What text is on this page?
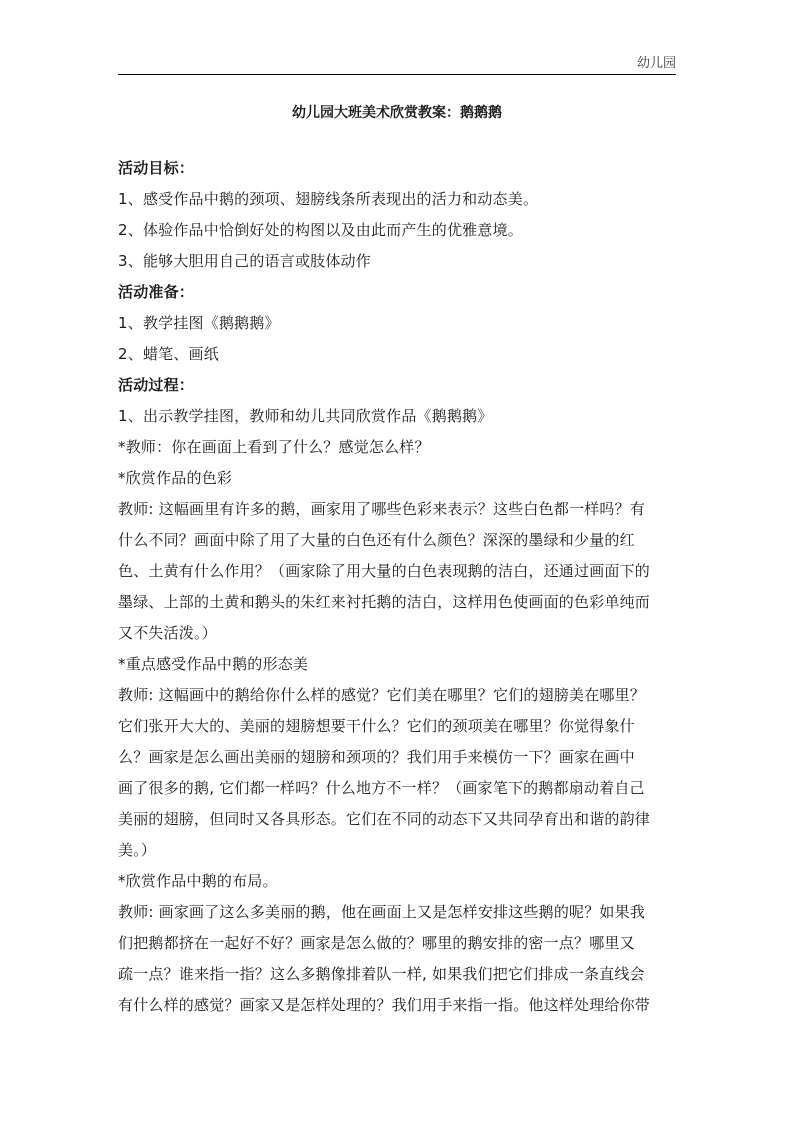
幼儿园
幼儿园大班美术欣赏教案：鹅鹅鹅
活动目标：
1、感受作品中鹅的颈项、翅膀线条所表现出的活力和动态美。
2、体验作品中恰倒好处的构图以及由此而产生的优雅意境。
3、能够大胆用自己的语言或肢体动作
活动准备：
1、教学挂图《鹅鹅鹅》
2、蜡笔、画纸
活动过程：
1、出示教学挂图，教师和幼儿共同欣赏作品《鹅鹅鹅》
*教师：你在画面上看到了什么？感觉怎么样？
*欣赏作品的色彩
教师: 这幅画里有许多的鹅，画家用了哪些色彩来表示？这些白色都一样吗？有
什么不同？画面中除了用了大量的白色还有什么颜色？深深的墨绿和少量的红
色、土黄有什么作用？（画家除了用大量的白色表现鹅的洁白，还通过画面下的
墨绿、上部的土黄和鹅头的朱红来衬托鹅的洁白，这样用色使画面的色彩单纯而
又不失活泼。）
*重点感受作品中鹅的形态美
教师: 这幅画中的鹅给你什么样的感觉？它们美在哪里？它们的翅膀美在哪里？
它们张开大大的、美丽的翅膀想要干什么？它们的颈项美在哪里？你觉得象什
么？画家是怎么画出美丽的翅膀和颈项的？我们用手来模仿一下？画家在画中
画了很多的鹅, 它们都一样吗？什么地方不一样？（画家笔下的鹅都扇动着自己
美丽的翅膀，但同时又各具形态。它们在不同的动态下又共同孕育出和谐的韵律
美。）
*欣赏作品中鹅的布局。
教师: 画家画了这么多美丽的鹅，他在画面上又是怎样安排这些鹅的呢？如果我
们把鹅都挤在一起好不好？画家是怎么做的？哪里的鹅安排的密一点？哪里又
疏一点？谁来指一指？这么多鹅像排着队一样, 如果我们把它们排成一条直线会
有什么样的感觉？画家又是怎样处理的？我们用手来指一指。他这样处理给你带
